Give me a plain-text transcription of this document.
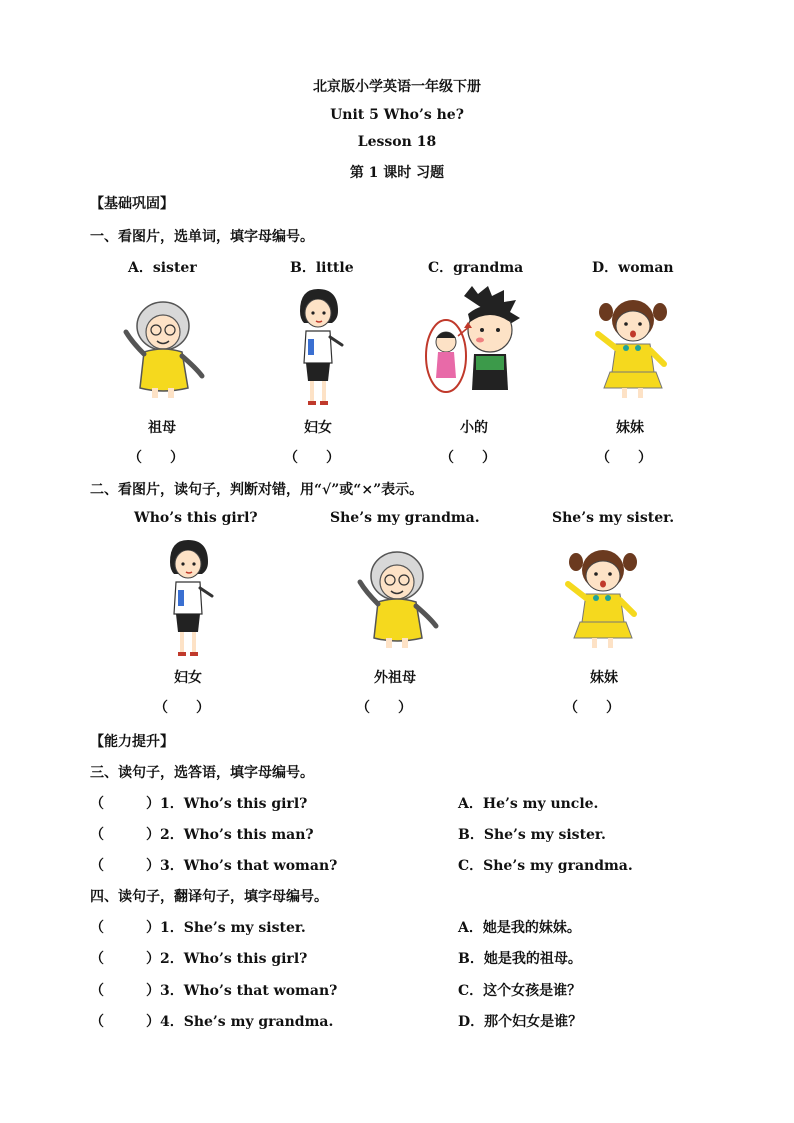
北京版小学英语一年级下册
Unit 5 Who’s he?
Lesson 18
第 1 课时 习题
【基础巩固】
一、看图片，选单词，填字母编号。
A．sister	B．little	C．grandma	D．woman
祖母	妇女	小的	妹妹
（　　）	（　　）	（　　）	（　　）
二、看图片，读句子，判断对错，用“√”或“×”表示。
Who’s this girl?	She’s my grandma.	She’s my sister.
妇女	外祖母	妹妹
（　　）	（　　）	（　　）
【能力提升】
三、读句子，选答语，填字母编号。
（　　　）1．Who’s this girl?	A．He’s my uncle.
（　　　）2．Who’s this man?	B．She’s my sister.
（　　　）3．Who’s that woman?	C．She’s my grandma.
四、读句子，翻译句子，填字母编号。
（　　　）1．She’s my sister.	A．她是我的妹妹。
（　　　）2．Who’s this girl?	B．她是我的祖母。
（　　　）3．Who’s that woman?	C．这个女孩是谁？
（　　　）4．She’s my grandma.	D．那个妇女是谁？
